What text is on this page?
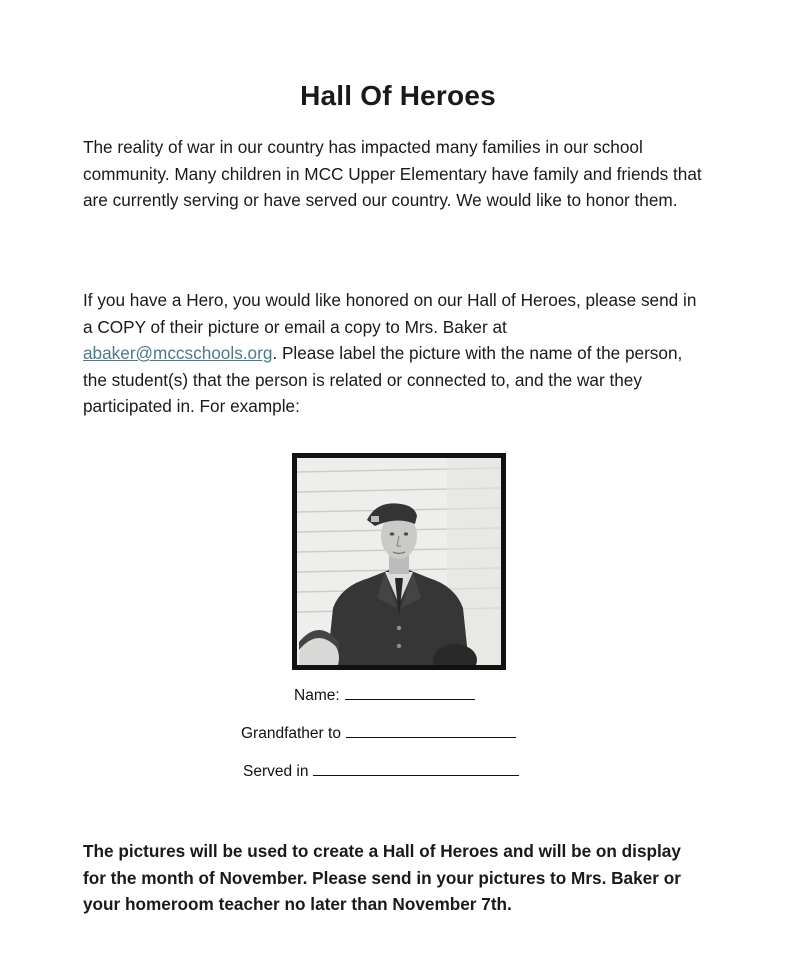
Hall Of Heroes

The reality of war in our country has impacted many families in our school community. Many children in MCC Upper Elementary have family and friends that are currently serving or have served our country. We would like to honor them.

If you have a Hero, you would like honored on our Hall of Heroes, please send in a COPY of their picture or email a copy to Mrs. Baker at abaker@mccschools.org. Please label the picture with the name of the person, the student(s) that the person is related or connected to, and the war they participated in. For example:

The pictures will be used to create a Hall of Heroes and will be on display for the month of November. Please send in your pictures to Mrs. Baker or your homeroom teacher no later than November 7th.

Name:
Grandfather to
Served in
